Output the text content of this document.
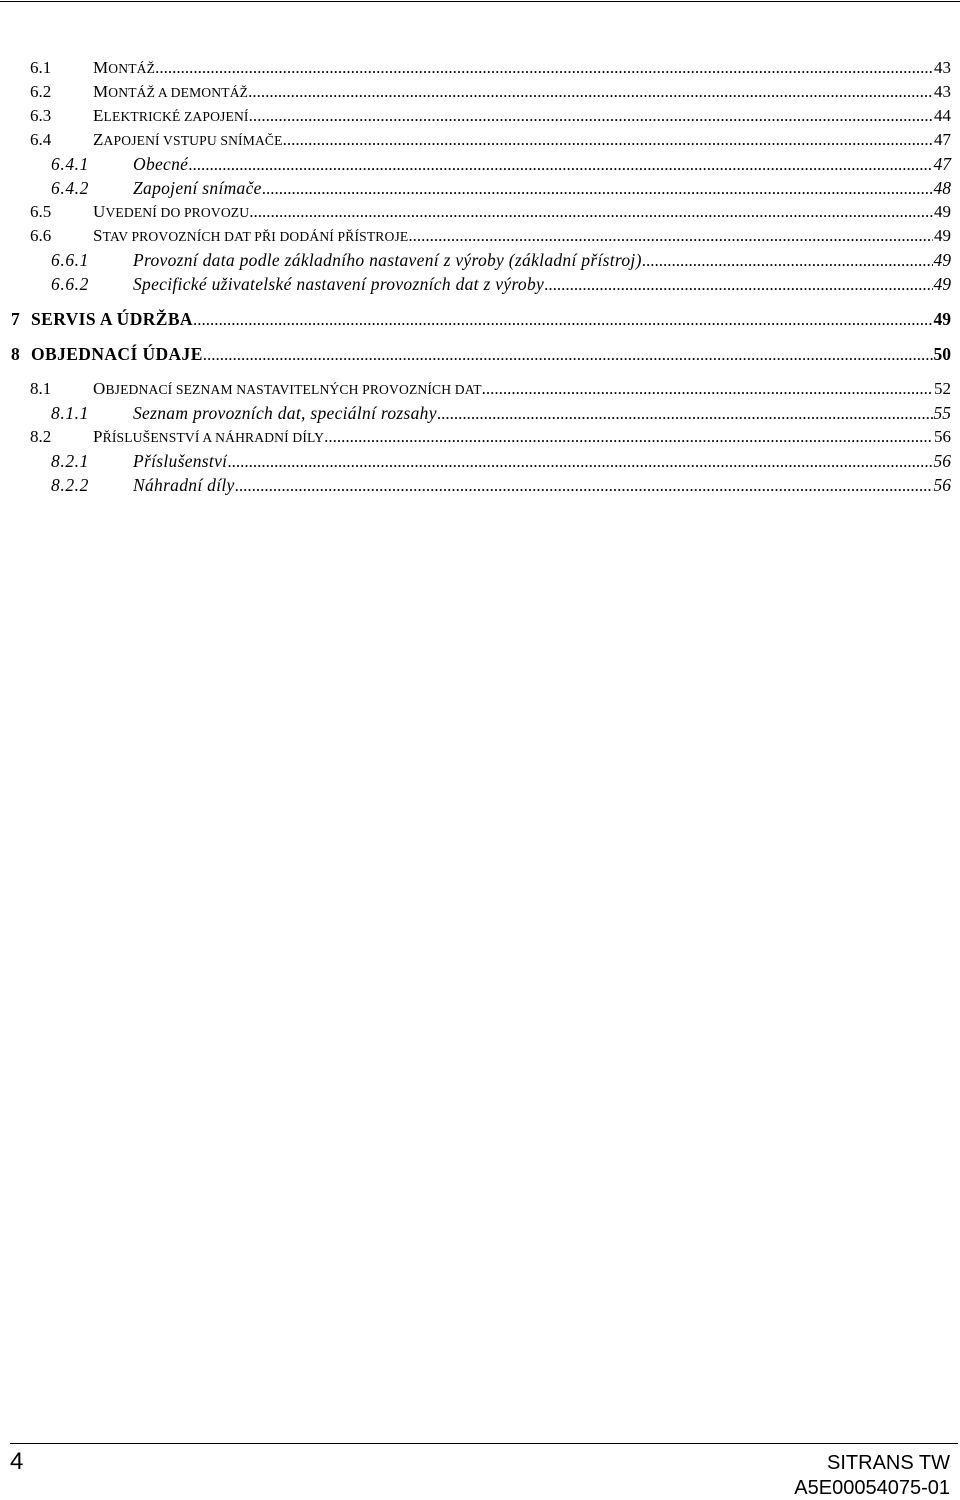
6.1	MONTÁŽ .....	43
6.2	MONTÁŽ A DEMONTÁŽ .....	43
6.3	ELEKTRICKÉ ZAPOJENÍ .....	44
6.4	ZAPOJENÍ VSTUPU SNÍMAČE .....	47
6.4.1	Obecné .....	47
6.4.2	Zapojení snímače .....	48
6.5	UVEDENÍ DO PROVOZU .....	49
6.6	STAV PROVOZNÍCH DAT PŘI DODÁNÍ PŘÍSTROJE .....	49
6.6.1	Provozní data podle základního nastavení z výroby (základní přístroj) .....	49
6.6.2	Specifické uživatelské nastavení provozních dat z výroby .....	49
7 SERVIS A ÚDRŽBA .....	49
8 OBJEDNACÍ ÚDAJE .....	50
8.1	OBJEDNACÍ SEZNAM NASTAVITELNÝCH PROVOZNÍCH DAT .....	52
8.1.1	Seznam provozních dat, speciální rozsahy .....	55
8.2	PŘÍSLUŠENSTVÍ A NÁHRADNÍ DÍLY .....	56
8.2.1	Příslušenství .....	56
8.2.2	Náhradní díly .....	56
4	SITRANS TW
A5E00054075-01
